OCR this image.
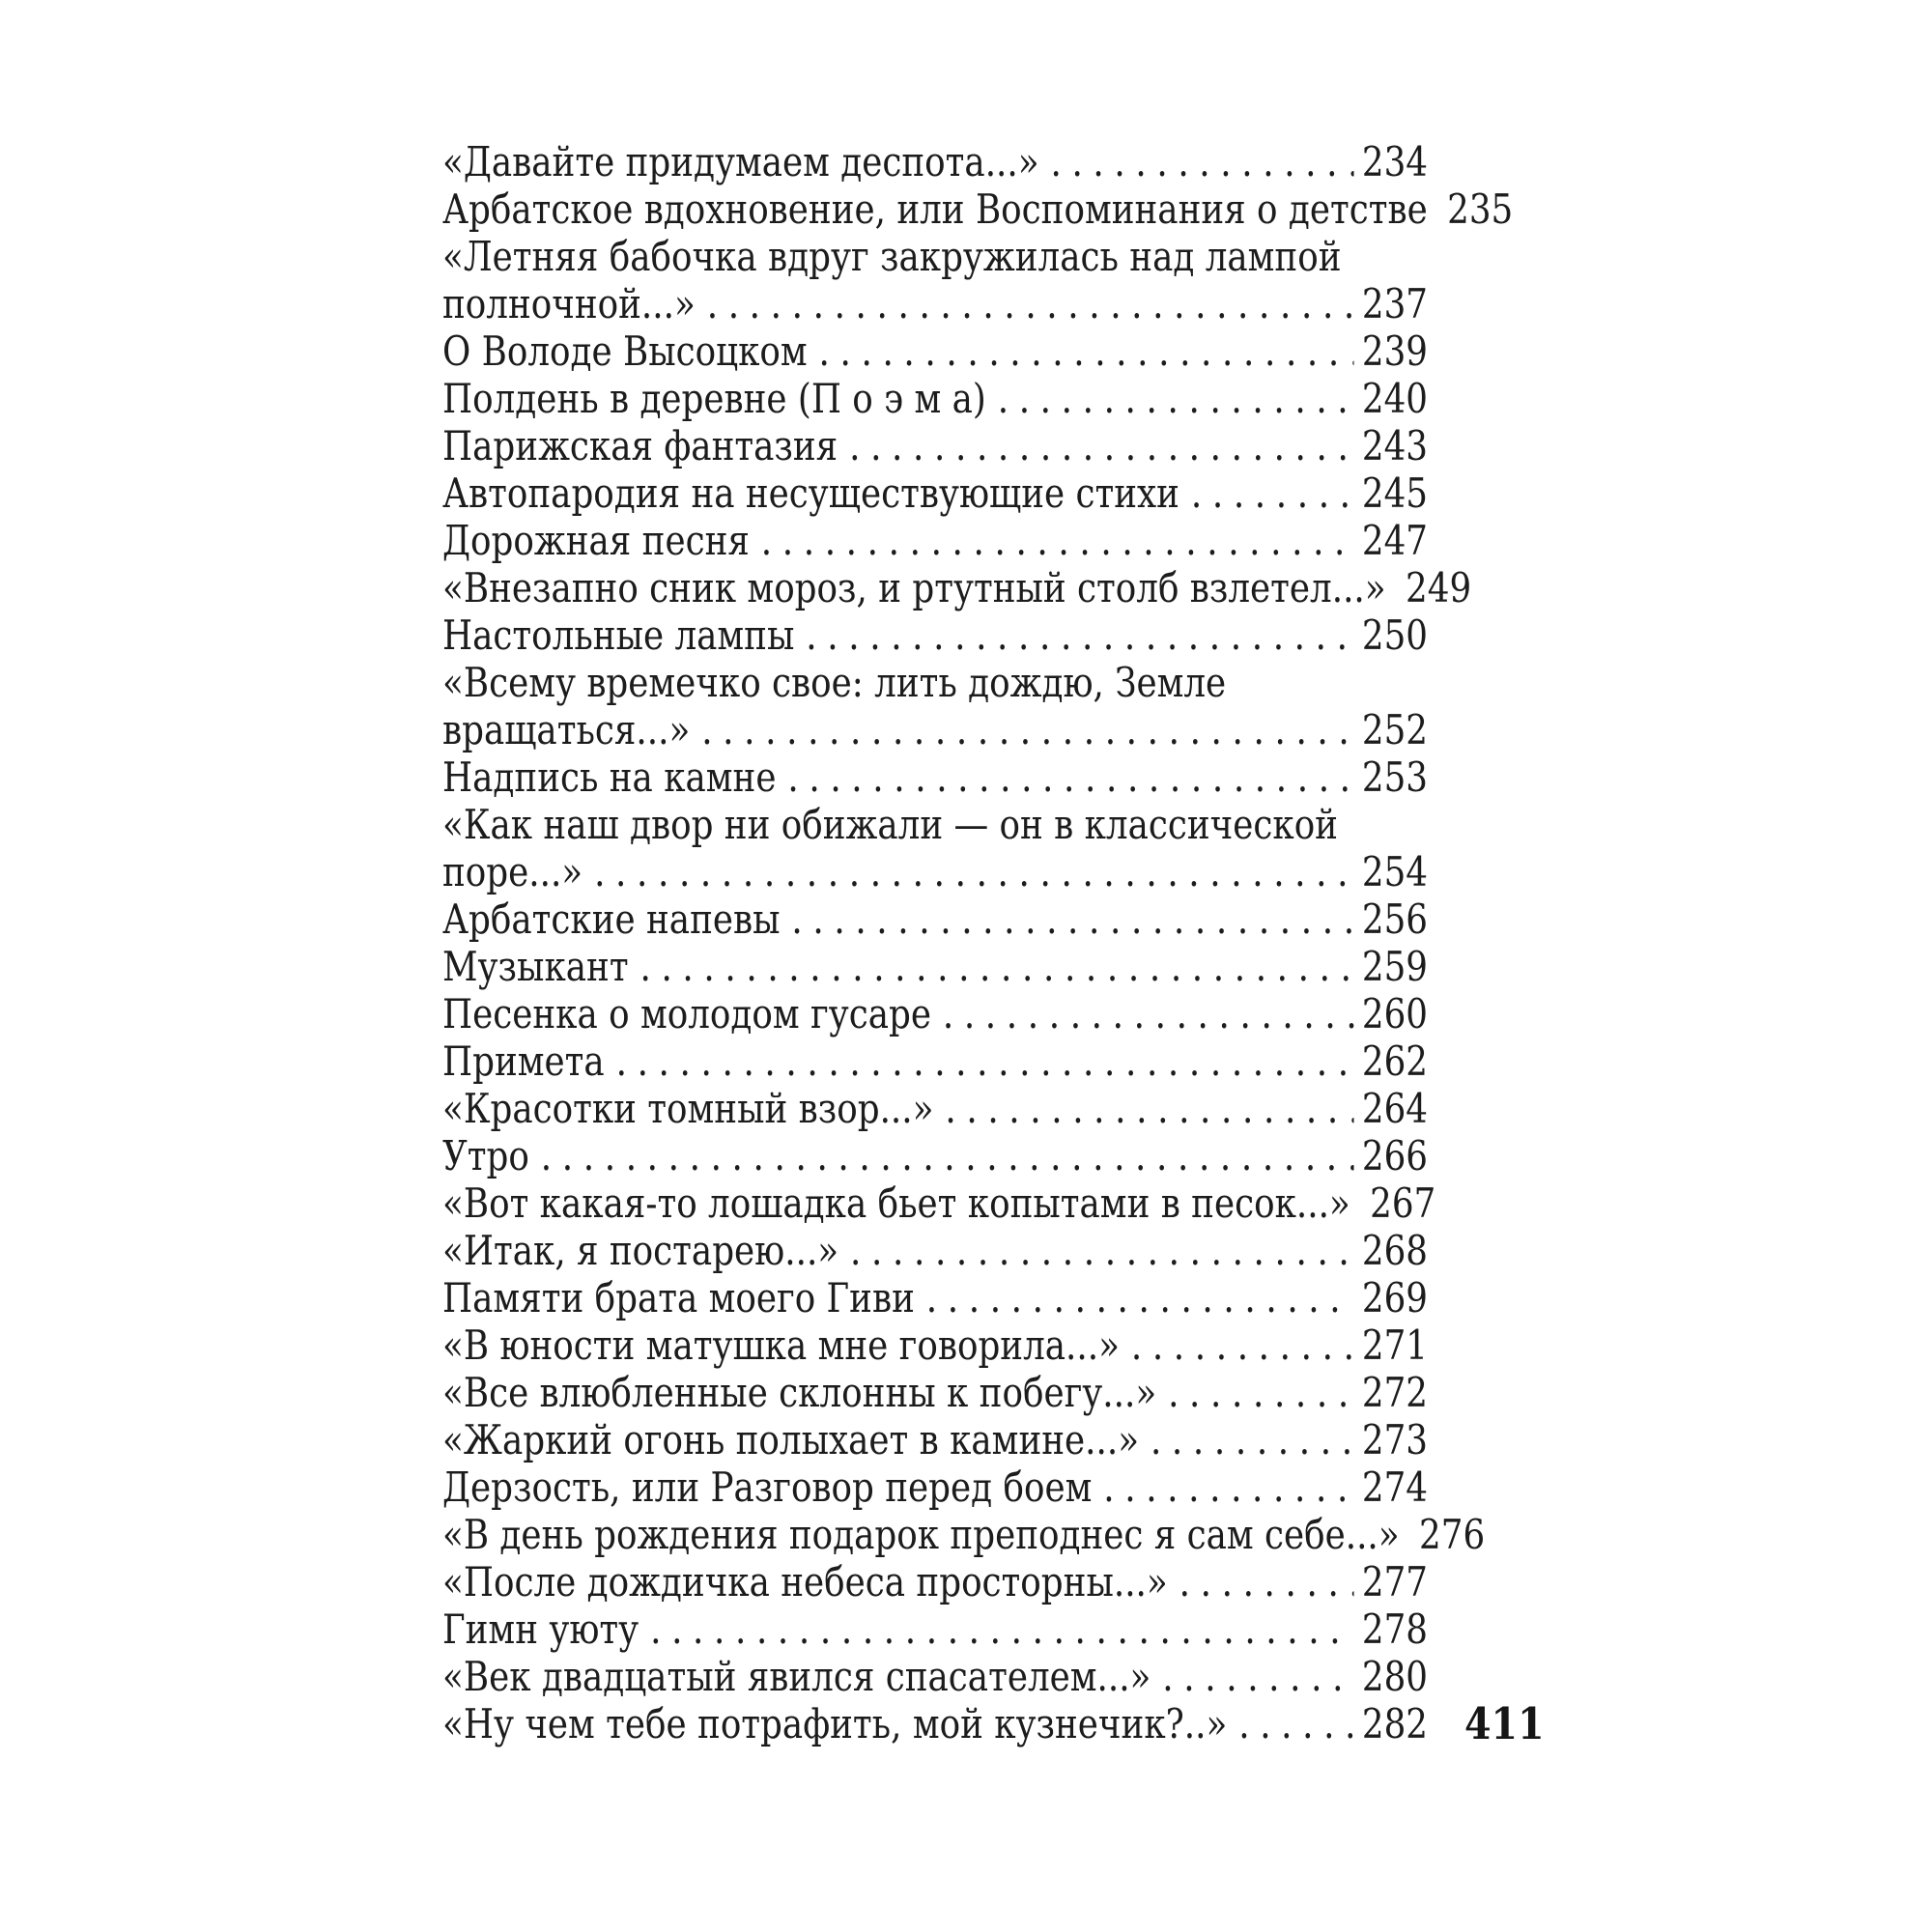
«Давайте придумаем деспота...» .....	234
Арбатское вдохновение, или Воспоминания о детстве ..... 235
«Летняя бабочка вдруг закружилась над лампой
полночной...» .....	237
О Володе Высоцком .....	239
Полдень в деревне (П о э м а) .....	240
Парижская фантазия .....	243
Автопародия на несуществующие стихи .....	245
Дорожная песня .....	247
«Внезапно сник мороз, и ртутный столб взлетел...» ..... 249
Настольные лампы .....	250
«Всему времечко свое: лить дождю, Земле
вращаться...» .....	252
Надпись на камне .....	253
«Как наш двор ни обижали — он в классической
поре...» .....	254
Арбатские напевы .....	256
Музыкант .....	259
Песенка о молодом гусаре .....	260
Примета .....	262
«Красотки томный взор...» .....	264
Утро .....	266
«Вот какая-то лошадка бьет копытами в песок...» ..... 267
«Итак, я постарею...» .....	268
Памяти брата моего Гиви .....	269
«В юности матушка мне говорила...» .....	271
«Все влюбленные склонны к побегу...» .....	272
«Жаркий огонь полыхает в камине...» .....	273
Дерзость, или Разговор перед боем .....	274
«В день рождения подарок преподнес я сам себе...» ..... 276
«После дождичка небеса просторны...» .....	277
Гимн уюту .....	278
«Век двадцатый явился спасателем...» .....	280
«Ну чем тебе потрафить, мой кузнечик?..» .....	282 411
